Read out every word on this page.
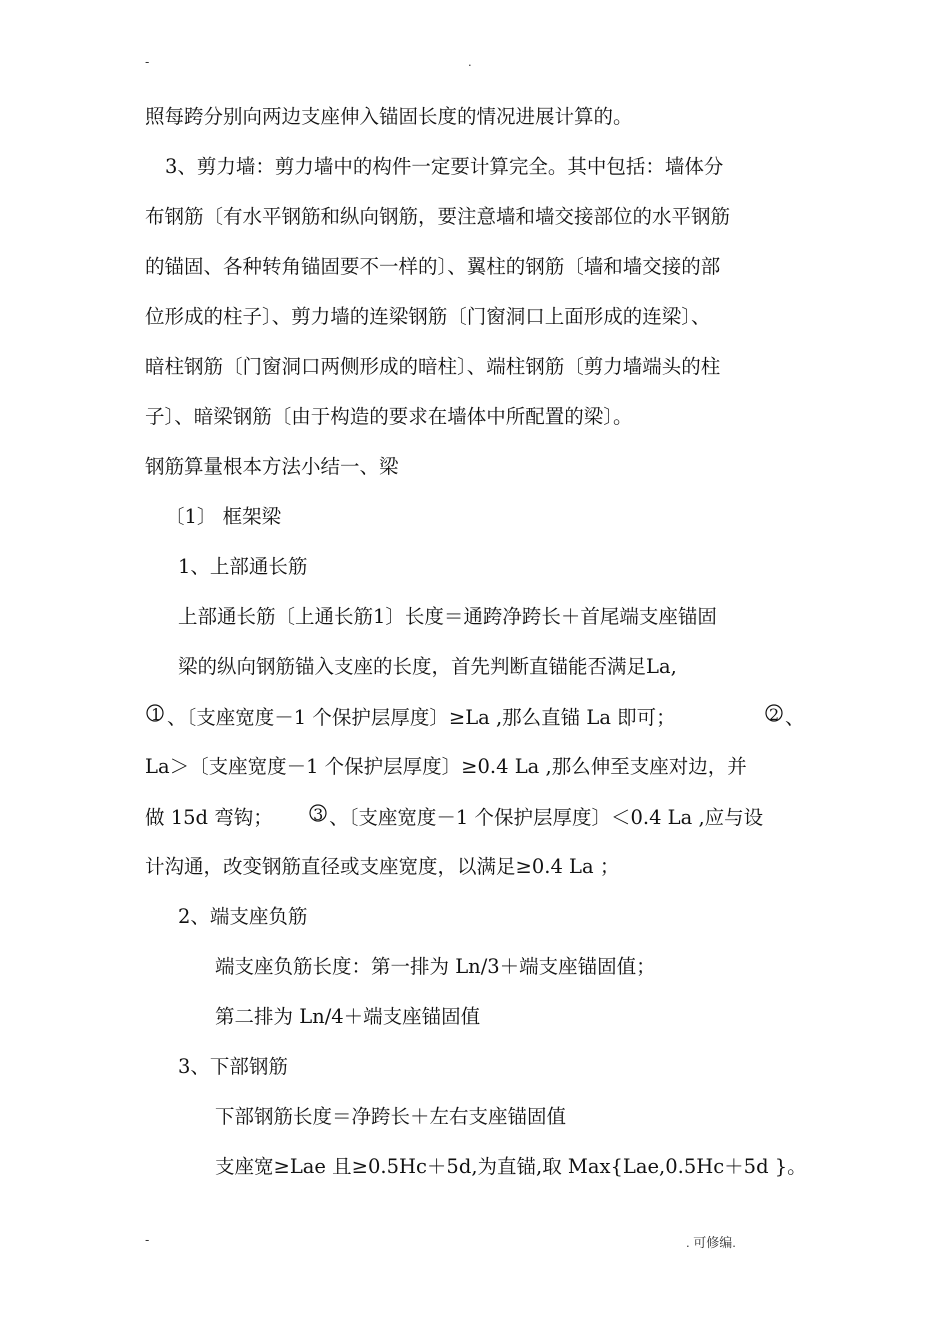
-	.
照每跨分别向两边支座伸入锚固长度的情况进展计算的。
3、剪力墙：剪力墙中的构件一定要计算完全。其中包括：墙体分
布钢筋〔有水平钢筋和纵向钢筋，要注意墙和墙交接部位的水平钢筋
的锚固、各种转角锚固要不一样的〕、翼柱的钢筋〔墙和墙交接的部
位形成的柱子〕、剪力墙的连梁钢筋〔门窗洞口上面形成的连梁〕、
暗柱钢筋〔门窗洞口两侧形成的暗柱〕、端柱钢筋〔剪力墙端头的柱
子〕、暗梁钢筋〔由于构造的要求在墙体中所配置的梁〕。
钢筋算量根本方法小结一、梁
〔1〕 框架梁
1、上部通长筋
上部通长筋〔上通长筋1〕长度＝通跨净跨长＋首尾端支座锚固
梁的纵向钢筋锚入支座的长度，首先判断直锚能否满足La,
1 、〔支座宽度－1 个保护层厚度〕≥La ,那么直锚 La 即可；	2 、
La＞〔支座宽度－1 个保护层厚度〕≥0.4 La ,那么伸至支座对边，并
做 15d 弯钩；	3 、〔支座宽度－1 个保护层厚度〕＜0.4 La ,应与设
计沟通，改变钢筋直径或支座宽度，以满足≥0.4 La ；
2、端支座负筋
端支座负筋长度：第一排为 Ln/3＋端支座锚固值；
第二排为 Ln/4＋端支座锚固值
3、下部钢筋
下部钢筋长度＝净跨长＋左右支座锚固值
支座宽≥Lae 且≥0.5Hc＋5d,为直锚,取 Max{Lae,0.5Hc＋5d }。
-	. 可修编.
